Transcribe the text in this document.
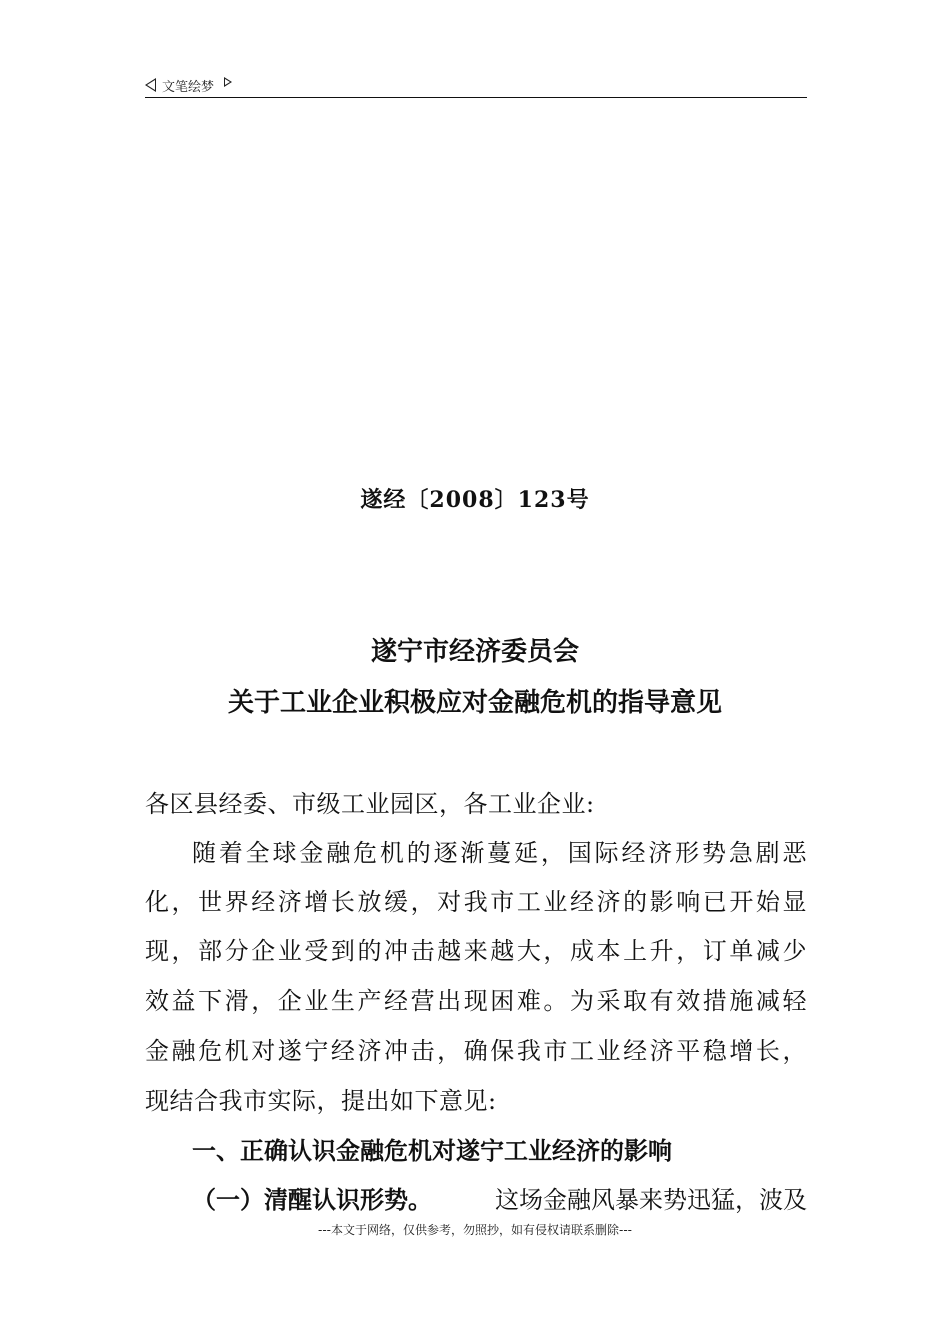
文笔绘梦
遂经〔2008〕123号
遂宁市经济委员会
关于工业企业积极应对金融危机的指导意见
各区县经委、市级工业园区，各工业企业:
随着全球金融危机的逐渐蔓延，国际经济形势急剧恶
化，世界经济增长放缓，对我市工业经济的影响已开始显
现，部分企业受到的冲击越来越大，成本上升，订单减少
效益下滑，企业生产经营出现困难。为采取有效措施减轻
金融危机对遂宁经济冲击，确保我市工业经济平稳增长，
现结合我市实际，提出如下意见:
一、正确认识金融危机对遂宁工业经济的影响
（一）清醒认识形势。	这场金融风暴来势迅猛，波及
---本文于网络，仅供参考，勿照抄，如有侵权请联系删除---
